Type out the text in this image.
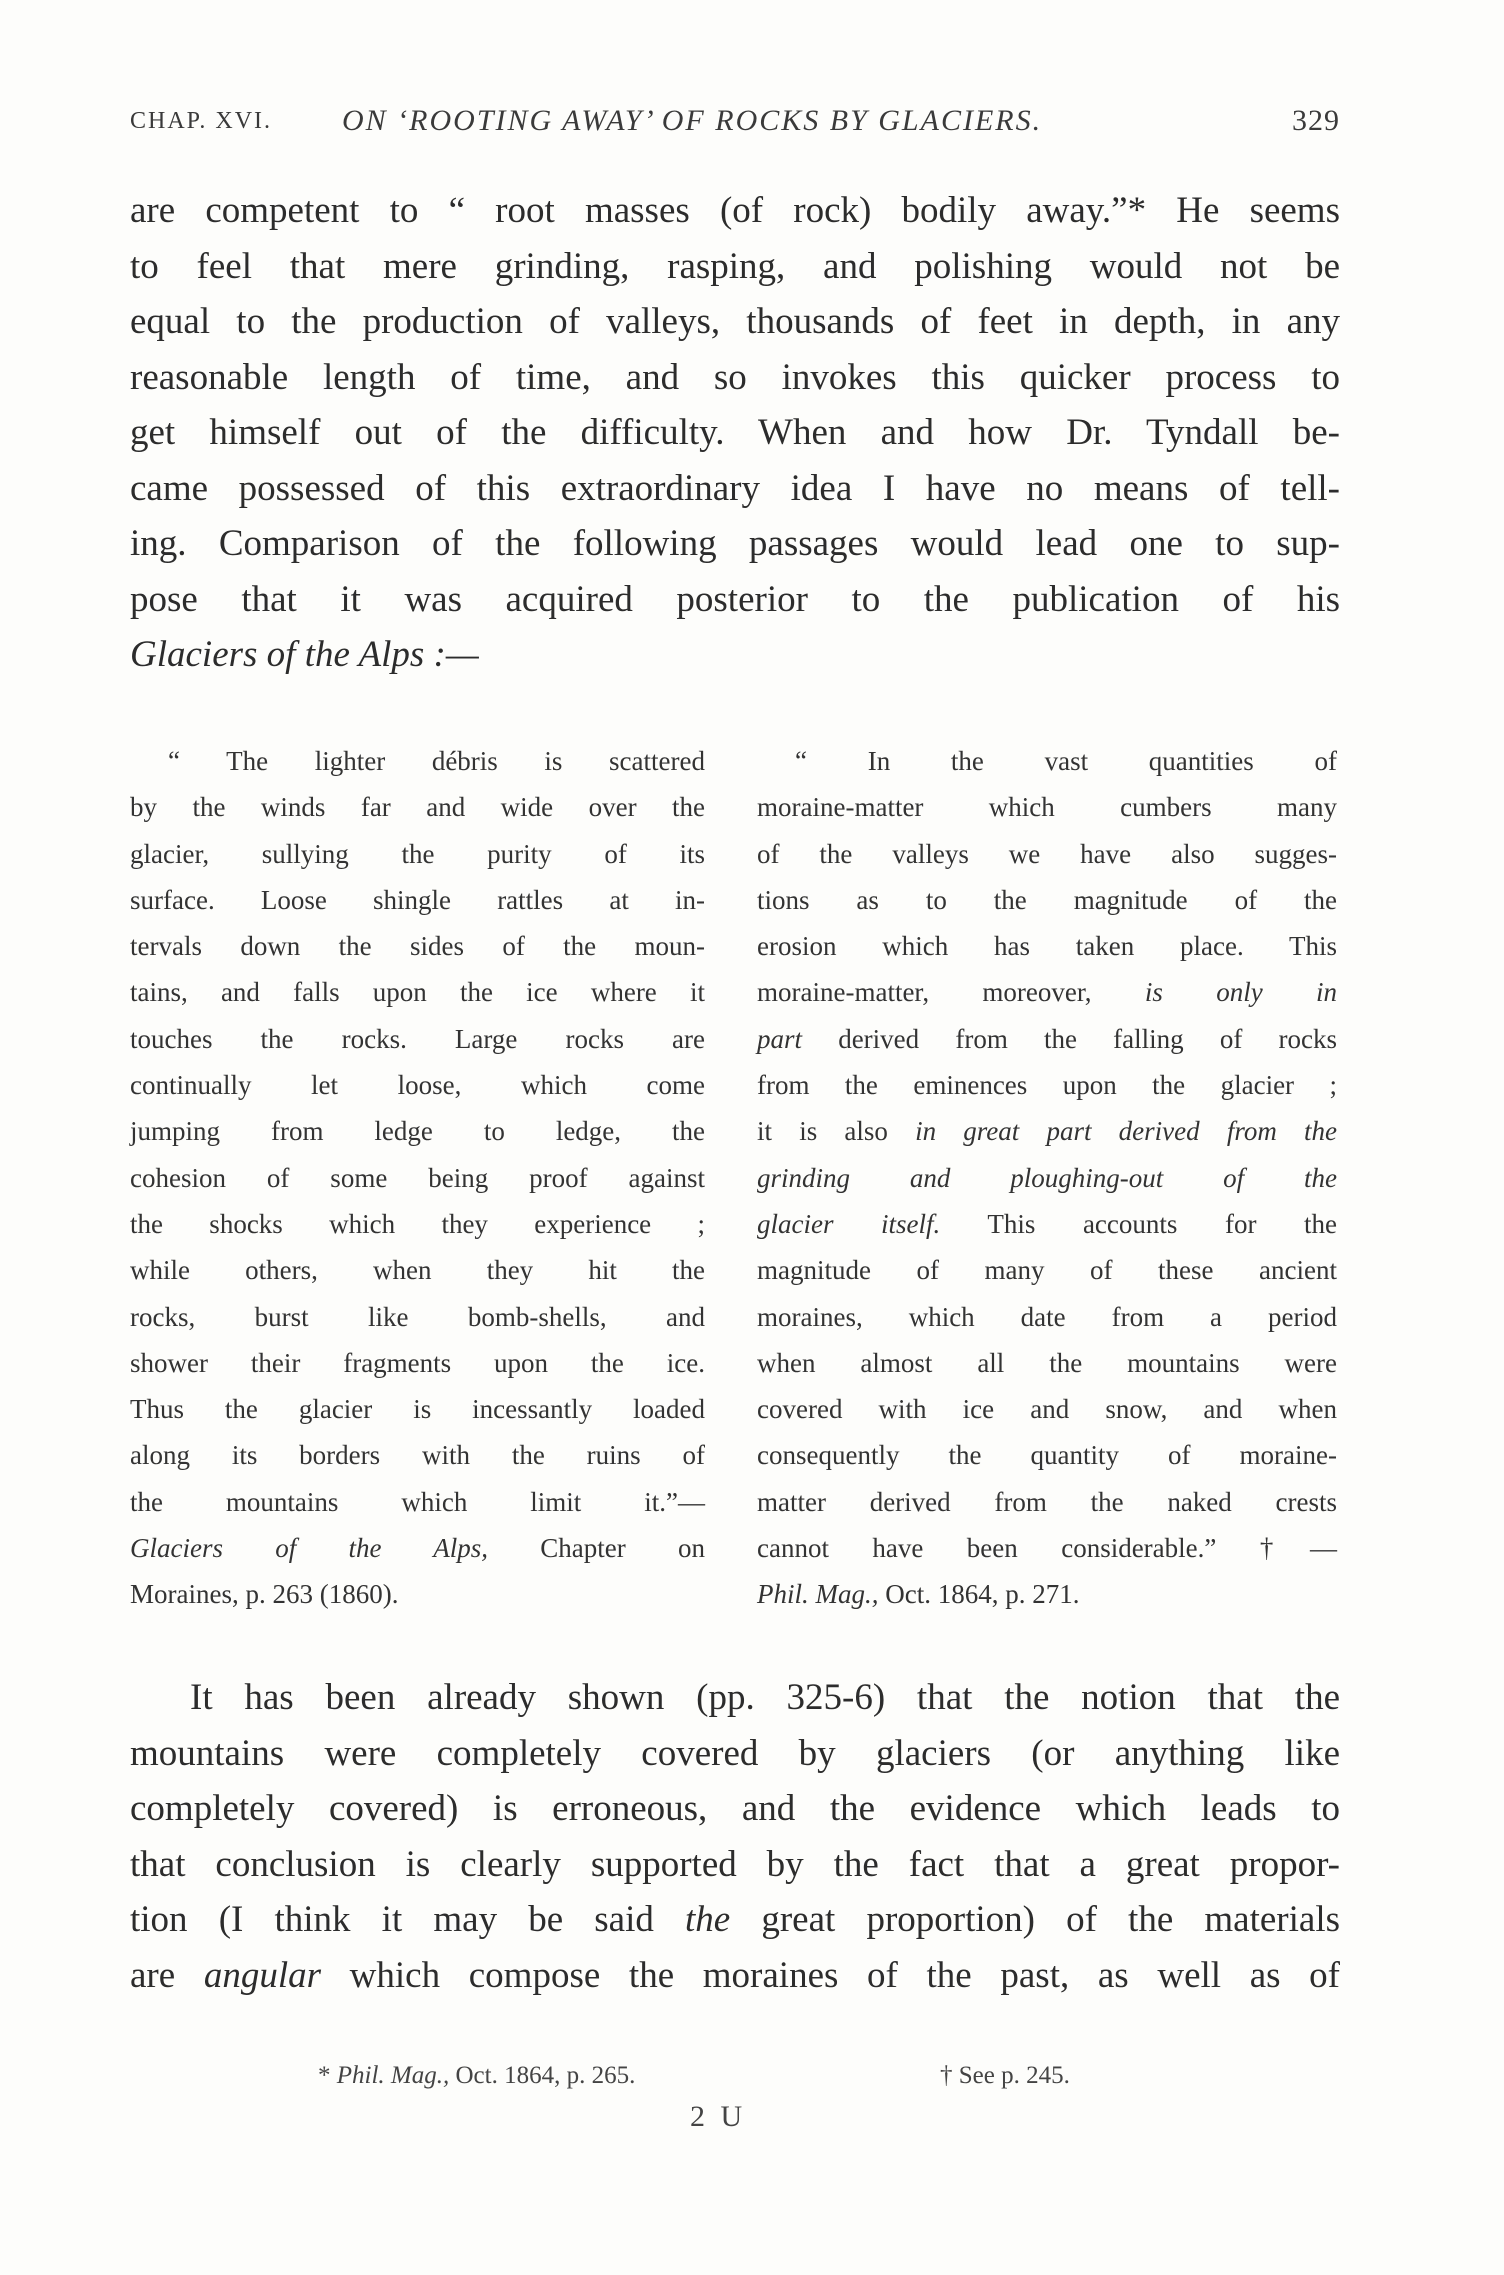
CHAP. XVI. ON ‘ROOTING AWAY’ OF ROCKS BY GLACIERS.	329
are competent to “ root masses (of rock) bodily away.”* He seems
to feel that mere grinding, rasping, and polishing would not be
equal to the production of valleys, thousands of feet in depth, in any
reasonable length of time, and so invokes this quicker process to
get himself out of the difficulty. When and how Dr. Tyndall be-
came possessed of this extraordinary idea I have no means of tell-
ing. Comparison of the following passages would lead one to sup-
pose that it was acquired posterior to the publication of his
Glaciers of the Alps :—
“ The lighter débris is scattered
by the winds far and wide over the
glacier, sullying the purity of its
surface. Loose shingle rattles at in-
tervals down the sides of the moun-
tains, and falls upon the ice where it
touches the rocks. Large rocks are
continually let loose, which come
jumping from ledge to ledge, the
cohesion of some being proof against
the shocks which they experience ;
while others, when they hit the
rocks, burst like bomb-shells, and
shower their fragments upon the ice.
Thus the glacier is incessantly loaded
along its borders with the ruins of
the mountains which limit it.”—
Glaciers of the Alps, Chapter on
Moraines, p. 263 (1860).
“ In the vast quantities of
moraine-matter which cumbers many
of the valleys we have also sugges-
tions as to the magnitude of the
erosion which has taken place. This
moraine-matter, moreover, is only in
part derived from the falling of rocks
from the eminences upon the glacier ;
it is also in great part derived from the
grinding and ploughing-out of the
glacier itself. This accounts for the
magnitude of many of these ancient
moraines, which date from a period
when almost all the mountains were
covered with ice and snow, and when
consequently the quantity of moraine-
matter derived from the naked crests
cannot have been considerable.” †—
Phil. Mag., Oct. 1864, p. 271.
It has been already shown (pp. 325-6) that the notion that the
mountains were completely covered by glaciers (or anything like
completely covered) is erroneous, and the evidence which leads to
that conclusion is clearly supported by the fact that a great propor-
tion (I think it may be said the great proportion) of the materials
are angular which compose the moraines of the past, as well as of
* Phil. Mag., Oct. 1864, p. 265.	† See p. 245.
2 U
